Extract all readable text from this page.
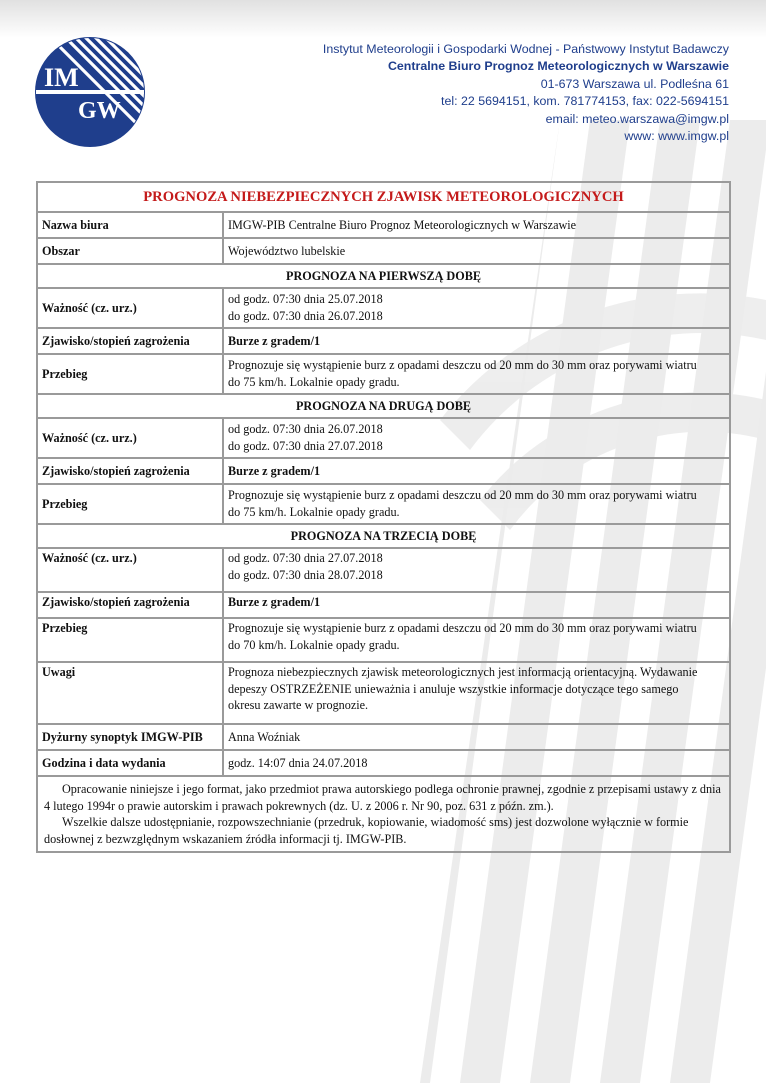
IM
GW
Instytut Meteorologii i Gospodarki Wodnej - Państwowy Instytut Badawczy
Centralne Biuro Prognoz Meteorologicznych w Warszawie
01-673 Warszawa ul. Podleśna 61
tel: 22 5694151, kom. 781774153, fax: 022-5694151
email: meteo.warszawa@imgw.pl
www: www.imgw.pl
PROGNOZA NIEBEZPIECZNYCH ZJAWISK METEOROLOGICZNYCH	
Nazwa biura	IMGW-PIB Centralne Biuro Prognoz Meteorologicznych w Warszawie
Obszar	Województwo lubelskie
PROGNOZA NA PIERWSZĄ DOBĘ	
Ważność (cz. urz.)	od godz. 07:30 dnia 25.07.2018
do godz. 07:30 dnia 26.07.2018

Zjawisko/stopień zagrożenia	Burze z gradem/1
Przebieg	Prognozuje się wystąpienie burz z opadami deszczu od 20 mm do 30 mm oraz porywami wiatru
do 75 km/h. Lokalnie opady gradu.

PROGNOZA NA DRUGĄ DOBĘ	
Ważność (cz. urz.)	od godz. 07:30 dnia 26.07.2018
do godz. 07:30 dnia 27.07.2018

Zjawisko/stopień zagrożenia	Burze z gradem/1
Przebieg	Prognozuje się wystąpienie burz z opadami deszczu od 20 mm do 30 mm oraz porywami wiatru
do 75 km/h. Lokalnie opady gradu.

PROGNOZA NA TRZECIĄ DOBĘ	
Ważność (cz. urz.)	od godz. 07:30 dnia 27.07.2018
do godz. 07:30 dnia 28.07.2018

Zjawisko/stopień zagrożenia	Burze z gradem/1
Przebieg	Prognozuje się wystąpienie burz z opadami deszczu od 20 mm do 30 mm oraz porywami wiatru
do 70 km/h. Lokalnie opady gradu.

Uwagi	Prognoza niebezpiecznych zjawisk meteorologicznych jest informacją orientacyjną. Wydawanie
depeszy OSTRZEŻENIE unieważnia i anuluje wszystkie informacje dotyczące tego samego
okresu zawarte w prognozie.

Dyżurny synoptyk IMGW-PIB	Anna Woźniak
Godzina i data wydania	godz. 14:07 dnia 24.07.2018

Opracowanie niniejsze i jego format, jako przedmiot prawa autorskiego podlega ochronie prawnej, zgodnie z przepisami ustawy z dnia 4 lutego 1994r o prawie autorskim i prawach pokrewnych (dz. U. z 2006 r. Nr 90, poz. 631 z późn. zm.).

Wszelkie dalsze udostępnianie, rozpowszechnianie (przedruk, kopiowanie, wiadomość sms) jest dozwolone wyłącznie w formie dosłownej z bezwzględnym wskazaniem źródła informacji tj. IMGW-PIB.	
